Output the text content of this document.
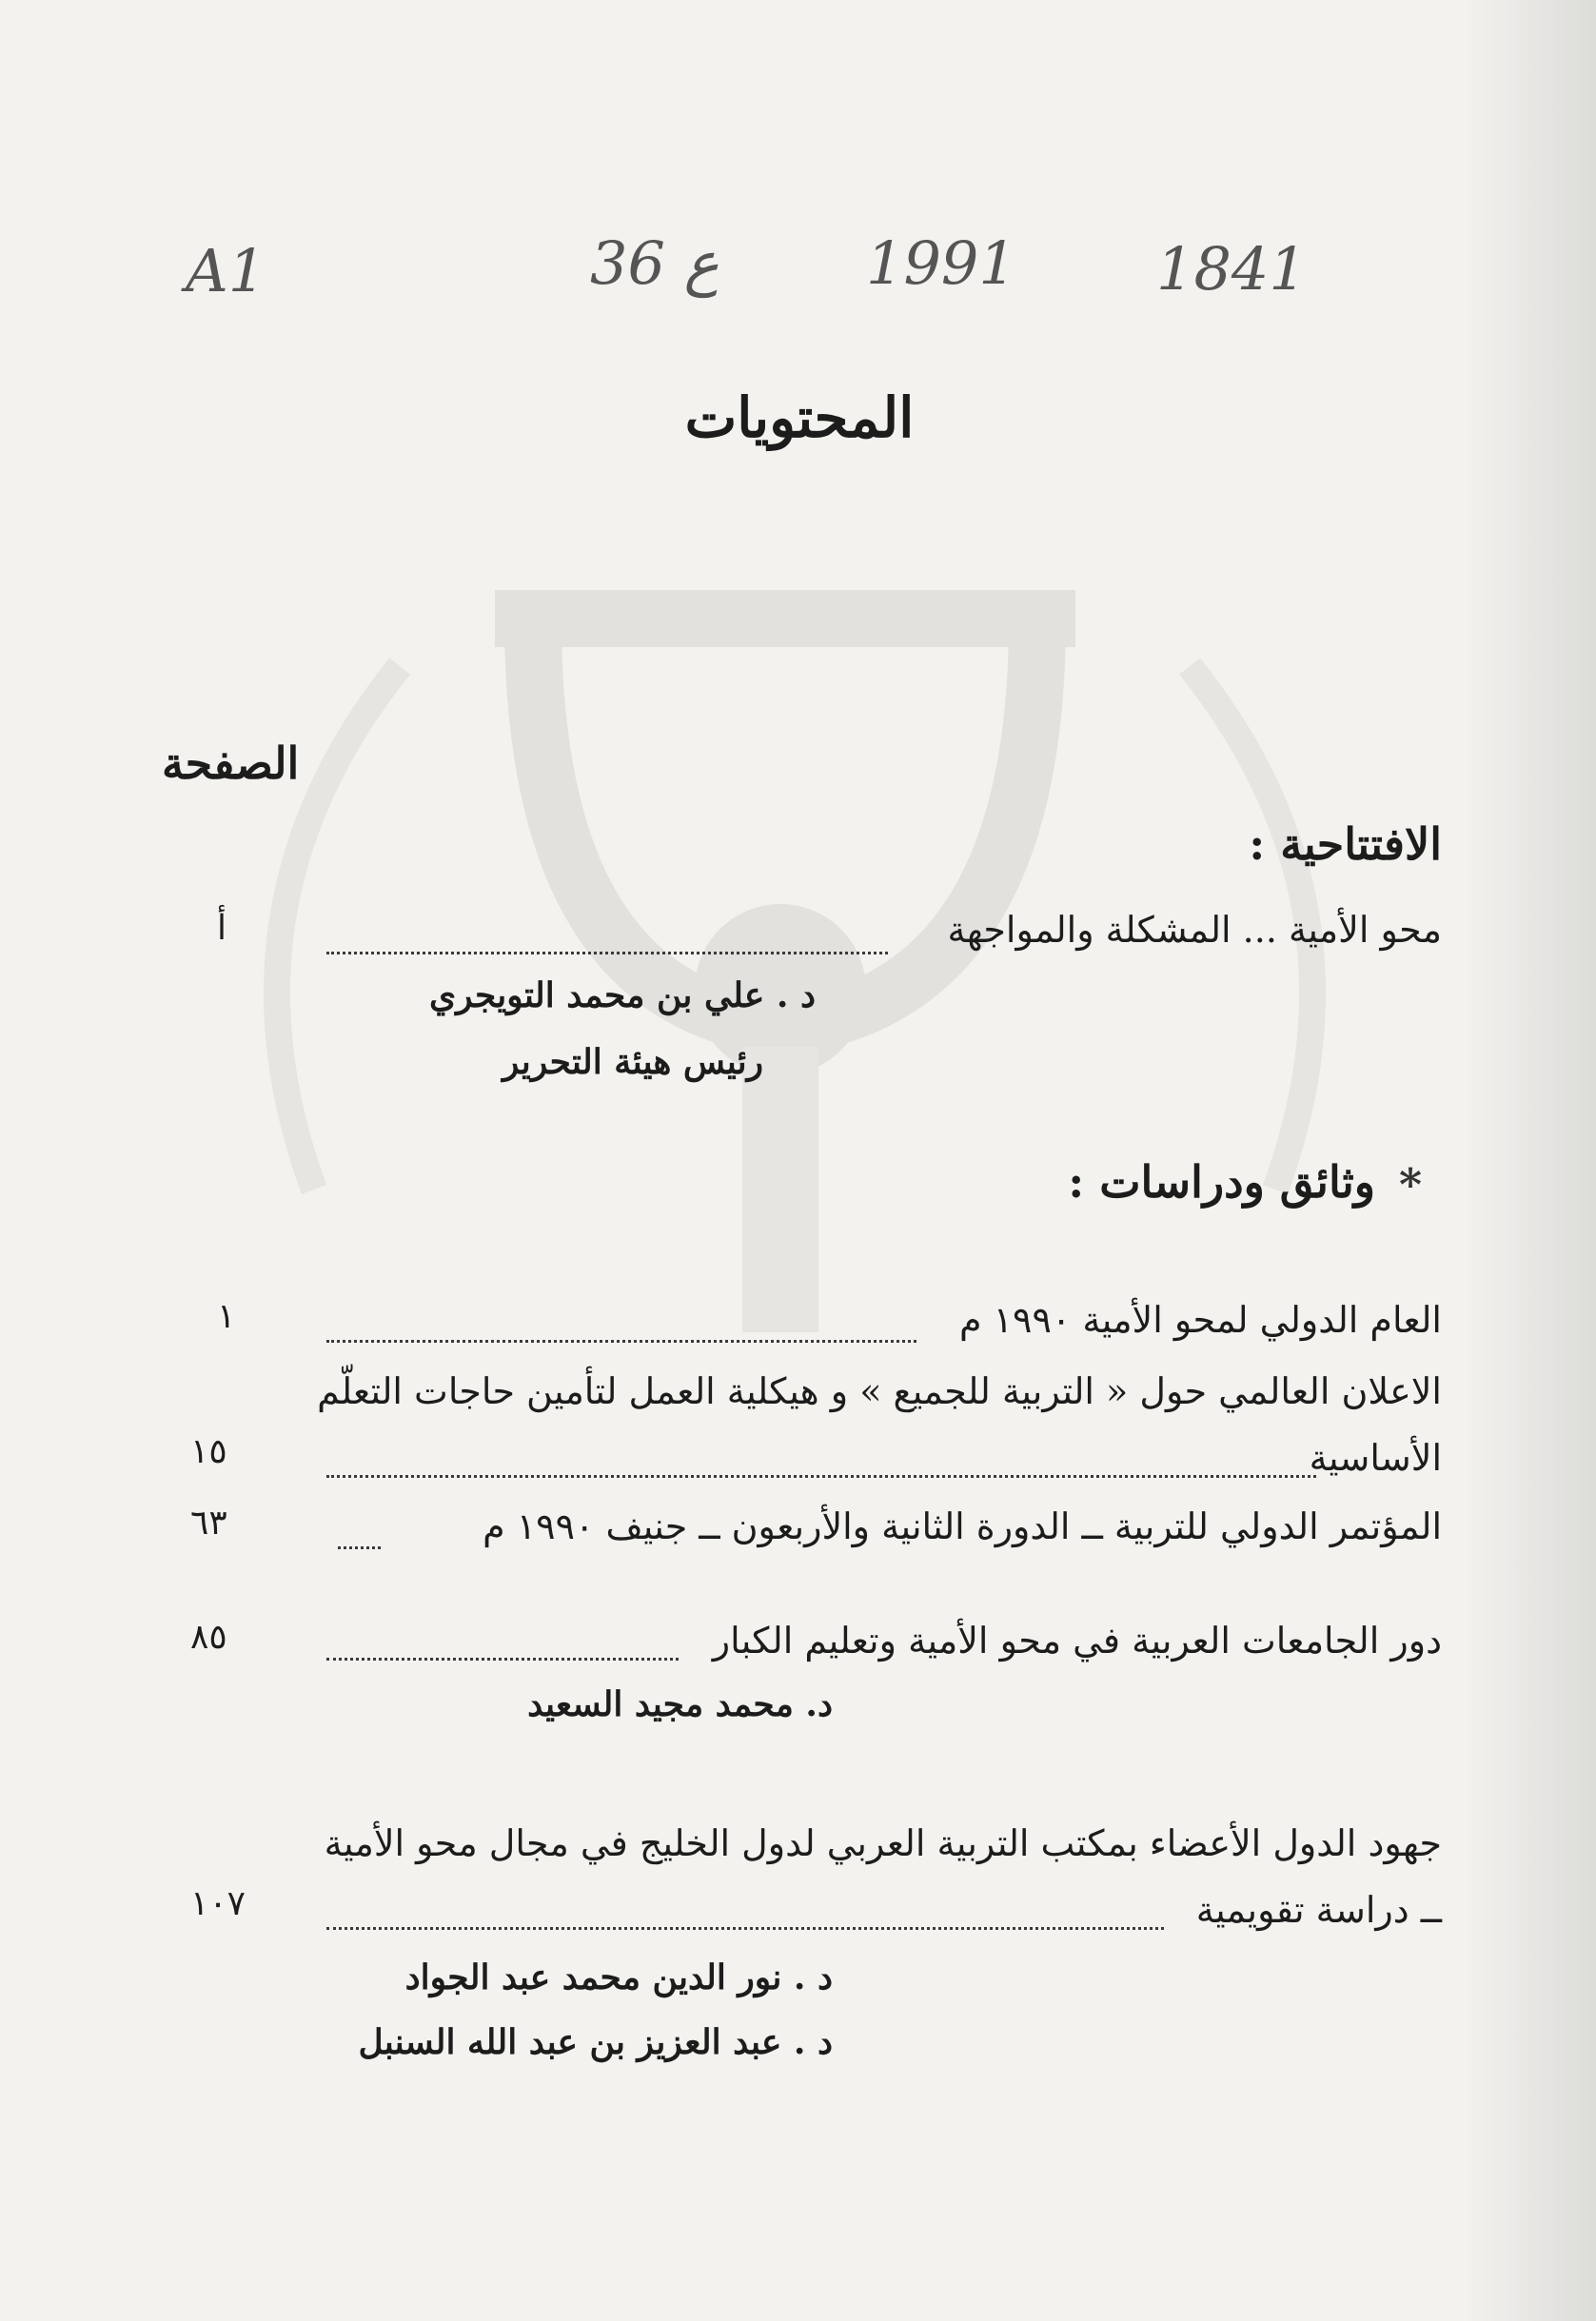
A1	36 ع 1991 1841
المحتويات
الصفحة
الافتتاحية :
محو الأمية ... المشكلة والمواجهة
أ
د . علي بن محمد التويجري
رئيس هيئة التحرير
وثائق ودراسات : *
العام الدولي لمحو الأمية ١٩٩٠ م
١
الاعلان العالمي حول « التربية للجميع » و هيكلية العمل لتأمين حاجات التعلّم
الأساسية
١٥
المؤتمر الدولي للتربية ــ الدورة الثانية والأربعون ــ جنيف ١٩٩٠ م
٦٣
دور الجامعات العربية في محو الأمية وتعليم الكبار
٨٥
د. محمد مجيد السعيد
جهود الدول الأعضاء بمكتب التربية العربي لدول الخليج في مجال محو الأمية
ــ دراسة تقويمية
١٠٧
د . نور الدين محمد عبد الجواد
د . عبد العزيز بن عبد الله السنبل
